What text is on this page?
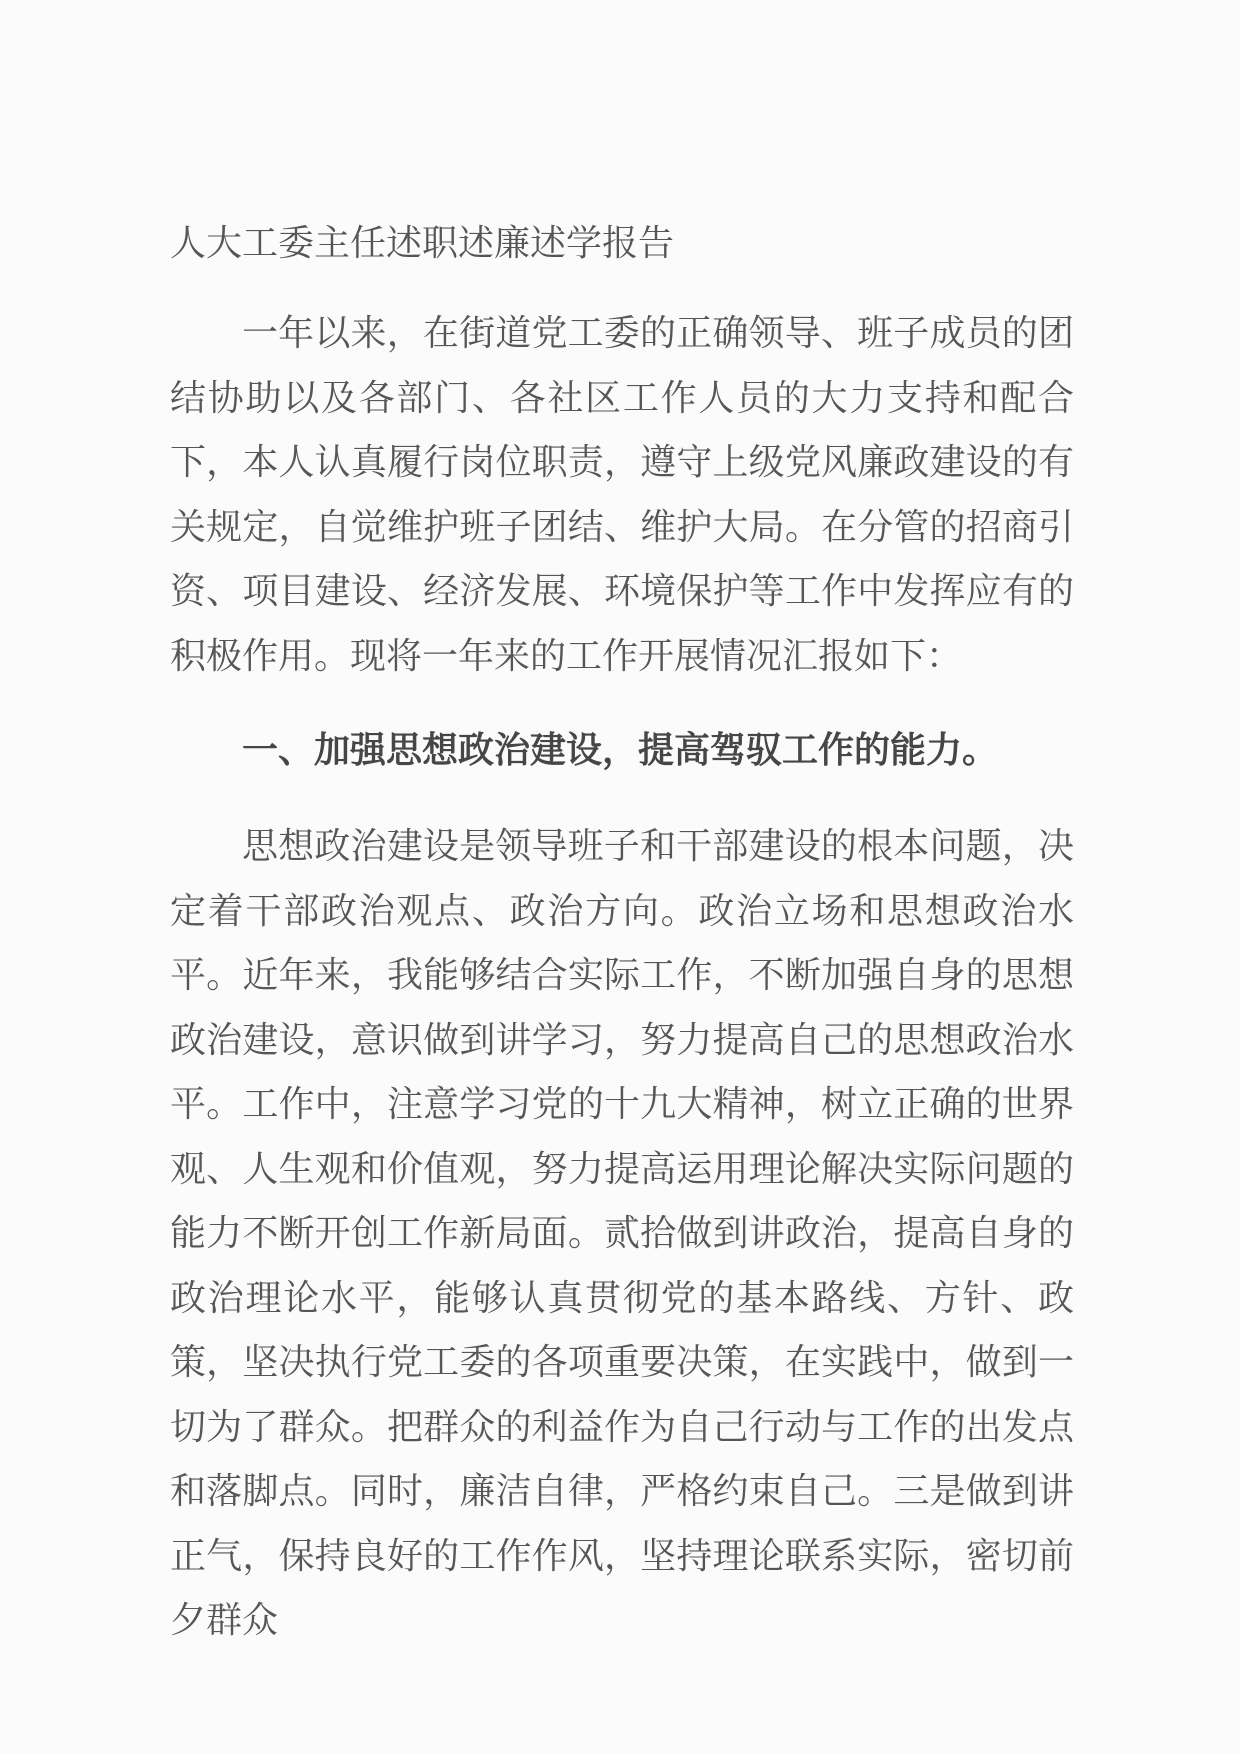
人大工委主任述职述廉述学报告

一年以来，在街道党工委的正确领导、班子成员的团结协助以及各部门、各社区工作人员的大力支持和配合下，本人认真履行岗位职责，遵守上级党风廉政建设的有关规定，自觉维护班子团结、维护大局。在分管的招商引资、项目建设、经济发展、环境保护等工作中发挥应有的积极作用。现将一年来的工作开展情况汇报如下：

一、加强思想政治建设，提高驾驭工作的能力。

思想政治建设是领导班子和干部建设的根本问题，决定着干部政治观点、政治方向。政治立场和思想政治水平。近年来，我能够结合实际工作，不断加强自身的思想政治建设，意识做到讲学习，努力提高自己的思想政治水平。工作中，注意学习党的十九大精神，树立正确的世界观、人生观和价值观，努力提高运用理论解决实际问题的能力不断开创工作新局面。贰拾做到讲政治，提高自身的政治理论水平，能够认真贯彻党的基本路线、方针、政策，坚决执行党工委的各项重要决策，在实践中，做到一切为了群众。把群众的利益作为自己行动与工作的出发点和落脚点。同时，廉洁自律，严格约束自己。三是做到讲正气，保持良好的工作作风，坚持理论联系实际，密切前夕群众
